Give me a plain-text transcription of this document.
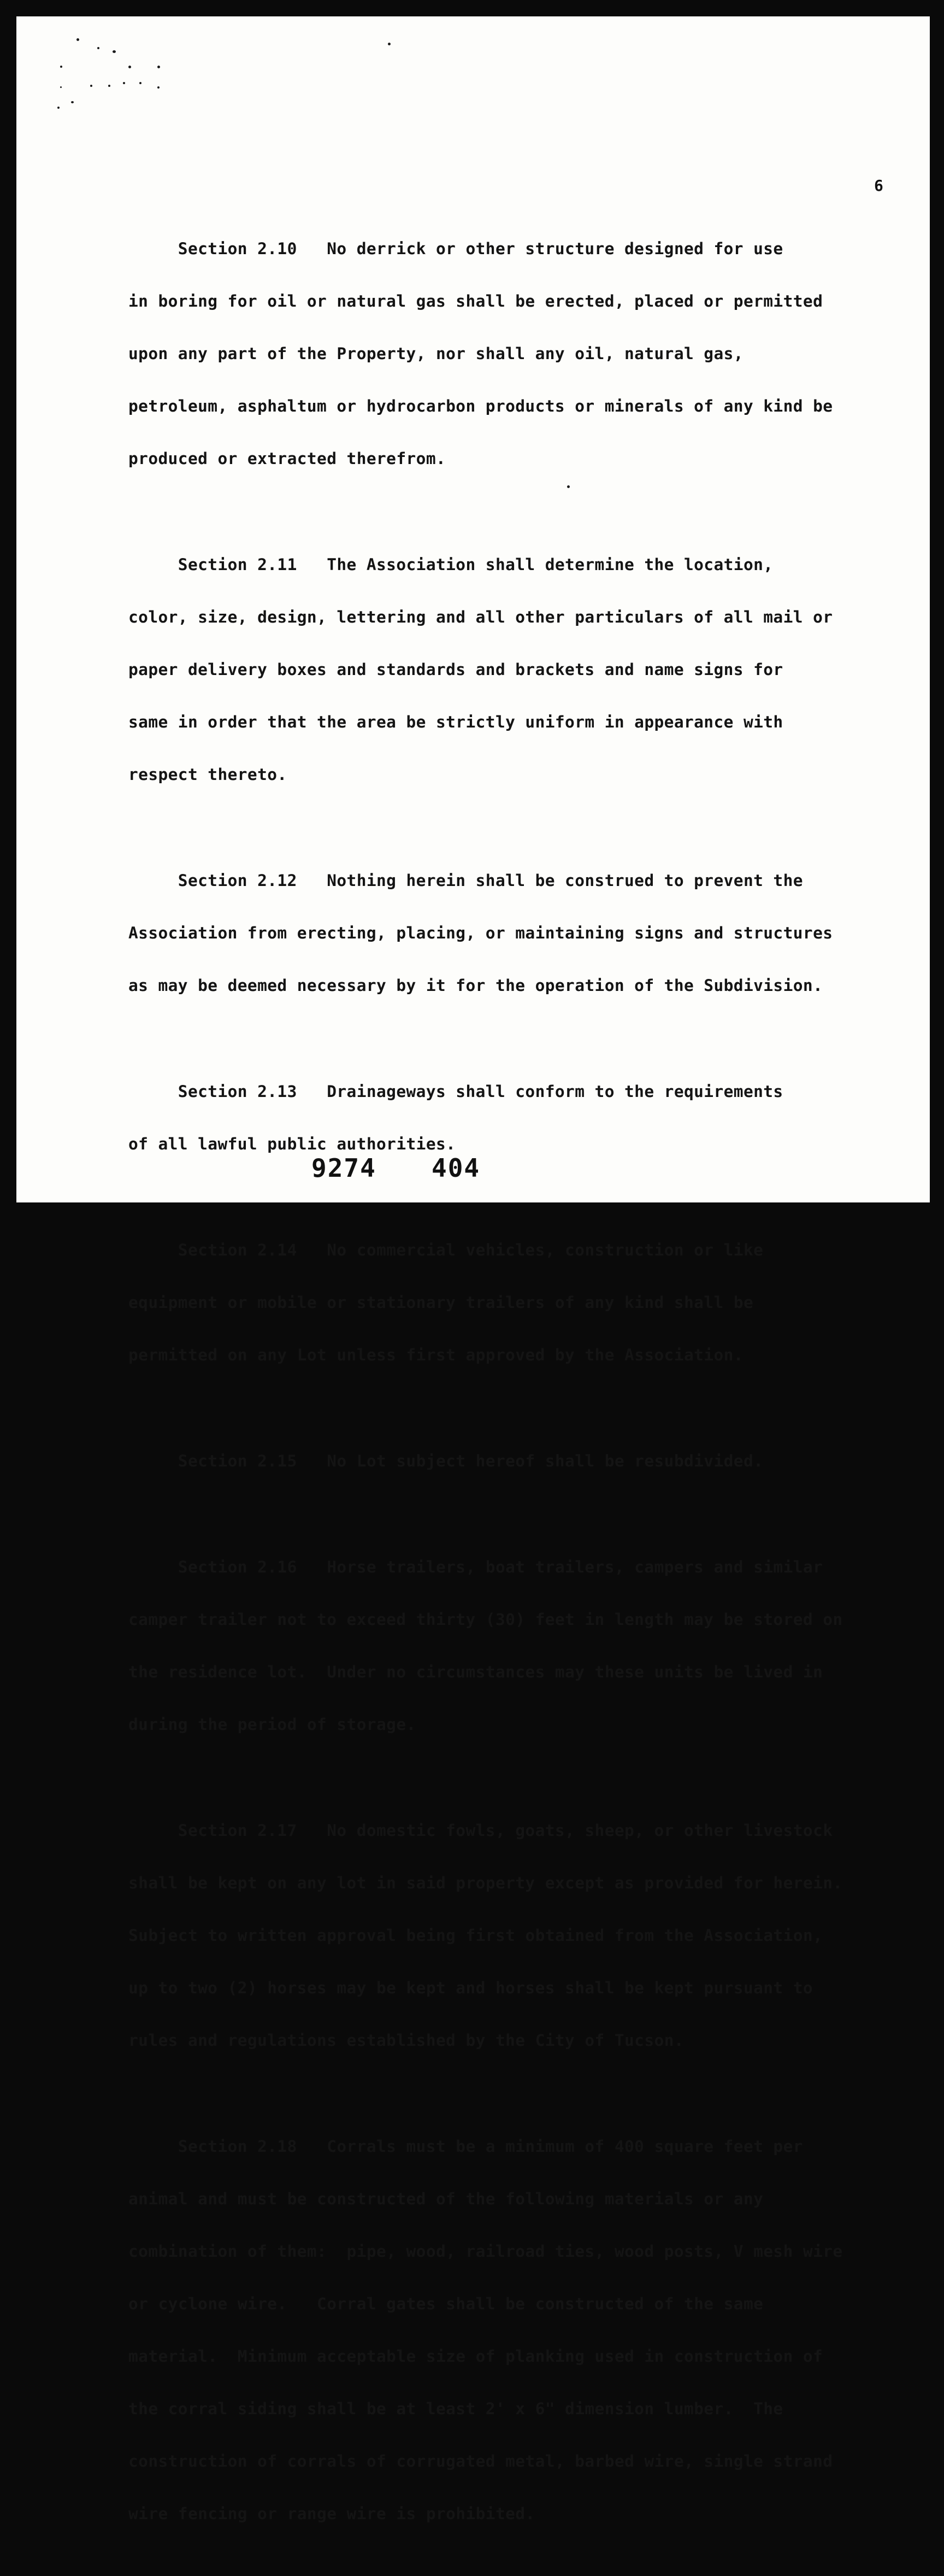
6

Section 2.10   No derrick or other structure designed for use

in boring for oil or natural gas shall be erected, placed or permitted

upon any part of the Property, nor shall any oil, natural gas,

petroleum, asphaltum or hydrocarbon products or minerals of any kind be

produced or extracted therefrom.

Section 2.11   The Association shall determine the location,

color, size, design, lettering and all other particulars of all mail or

paper delivery boxes and standards and brackets and name signs for

same in order that the area be strictly uniform in appearance with

respect thereto.

Section 2.12   Nothing herein shall be construed to prevent the

Association from erecting, placing, or maintaining signs and structures

as may be deemed necessary by it for the operation of the Subdivision.

Section 2.13   Drainageways shall conform to the requirements

of all lawful public authorities.

Section 2.14   No commercial vehicles, construction or like

equipment or mobile or stationary trailers of any kind shall be

permitted on any Lot unless first approved by the Association.

Section 2.15   No Lot subject hereof shall be resubdivided.

Section 2.16   Horse trailers, boat trailers, campers and similar

camper trailer not to exceed thirty (30) feet in length may be stored on

the residence lot.  Under no circumstances may these units be lived in

during the period of storage.

Section 2.17   No domestic fowls, goats, sheep, or other livestock

shall be kept on any lot in said property except as provided for herein.

Subject to written approval being first obtained from the Association,

up to two (2) horses may be kept and horses shall be kept pursuant to

rules and regulations established by the City of Tucson.

Section 2.18   Corrals must be a minimum of 400 square feet per

animal and must be constructed of the following materials or any

combination of them:  pipe, wood, railroad ties, wood posts, V mesh wire

or cyclone wire.   Corral gates shall be constructed of the same

material.  Minimum acceptable size of planking used in construction of

the corral siding shall be at least 2' x 6" dimension lumber.  The

construction of corrals of corrugated metal, barbed wire, single strand

wire fencing or range wire is prohibited.

9274 404
